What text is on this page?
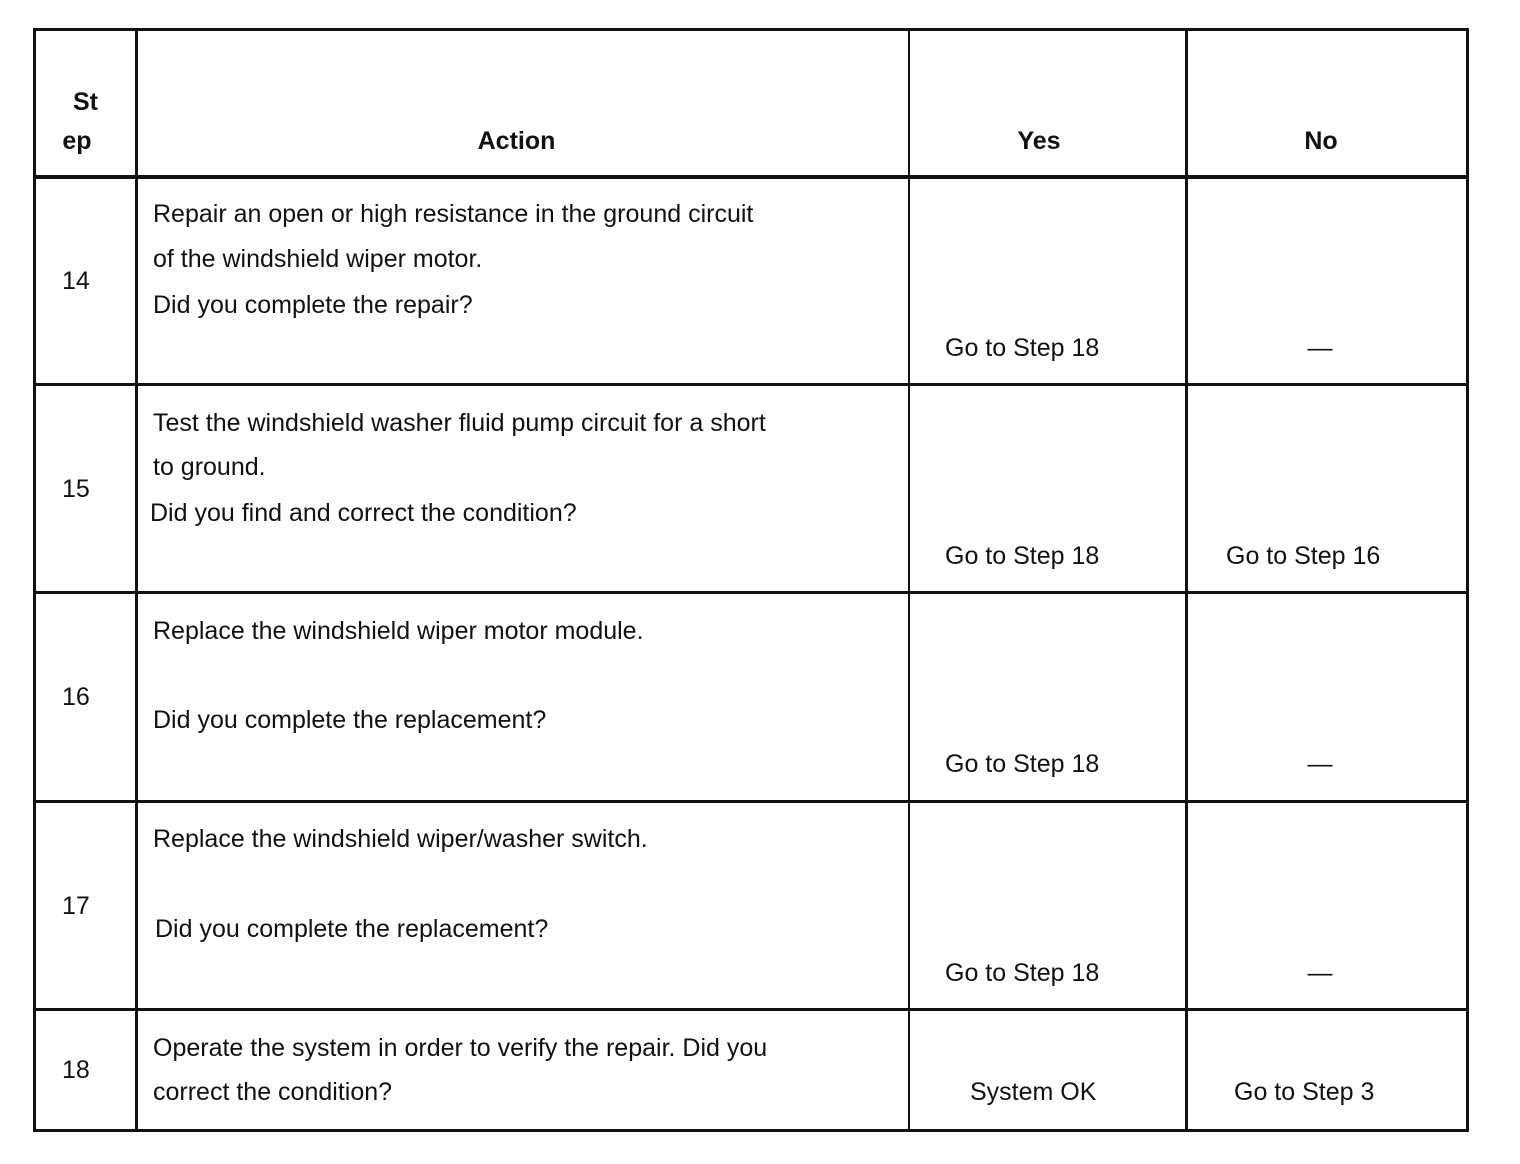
St
ep	Action	Yes	No
14
Repair an open or high resistance in the ground circuit
of the windshield wiper motor.
Did you complete the repair?
Go to Step 18	—
15
Test the windshield washer fluid pump circuit for a short
to ground.
Did you find and correct the condition?
Go to Step 18	Go to Step 16
16
Replace the windshield wiper motor module.
Did you complete the replacement?
Go to Step 18	—
17
Replace the windshield wiper/washer switch.
Did you complete the replacement?
Go to Step 18	—
18
Operate the system in order to verify the repair. Did you
correct the condition?	System OK	Go to Step 3
